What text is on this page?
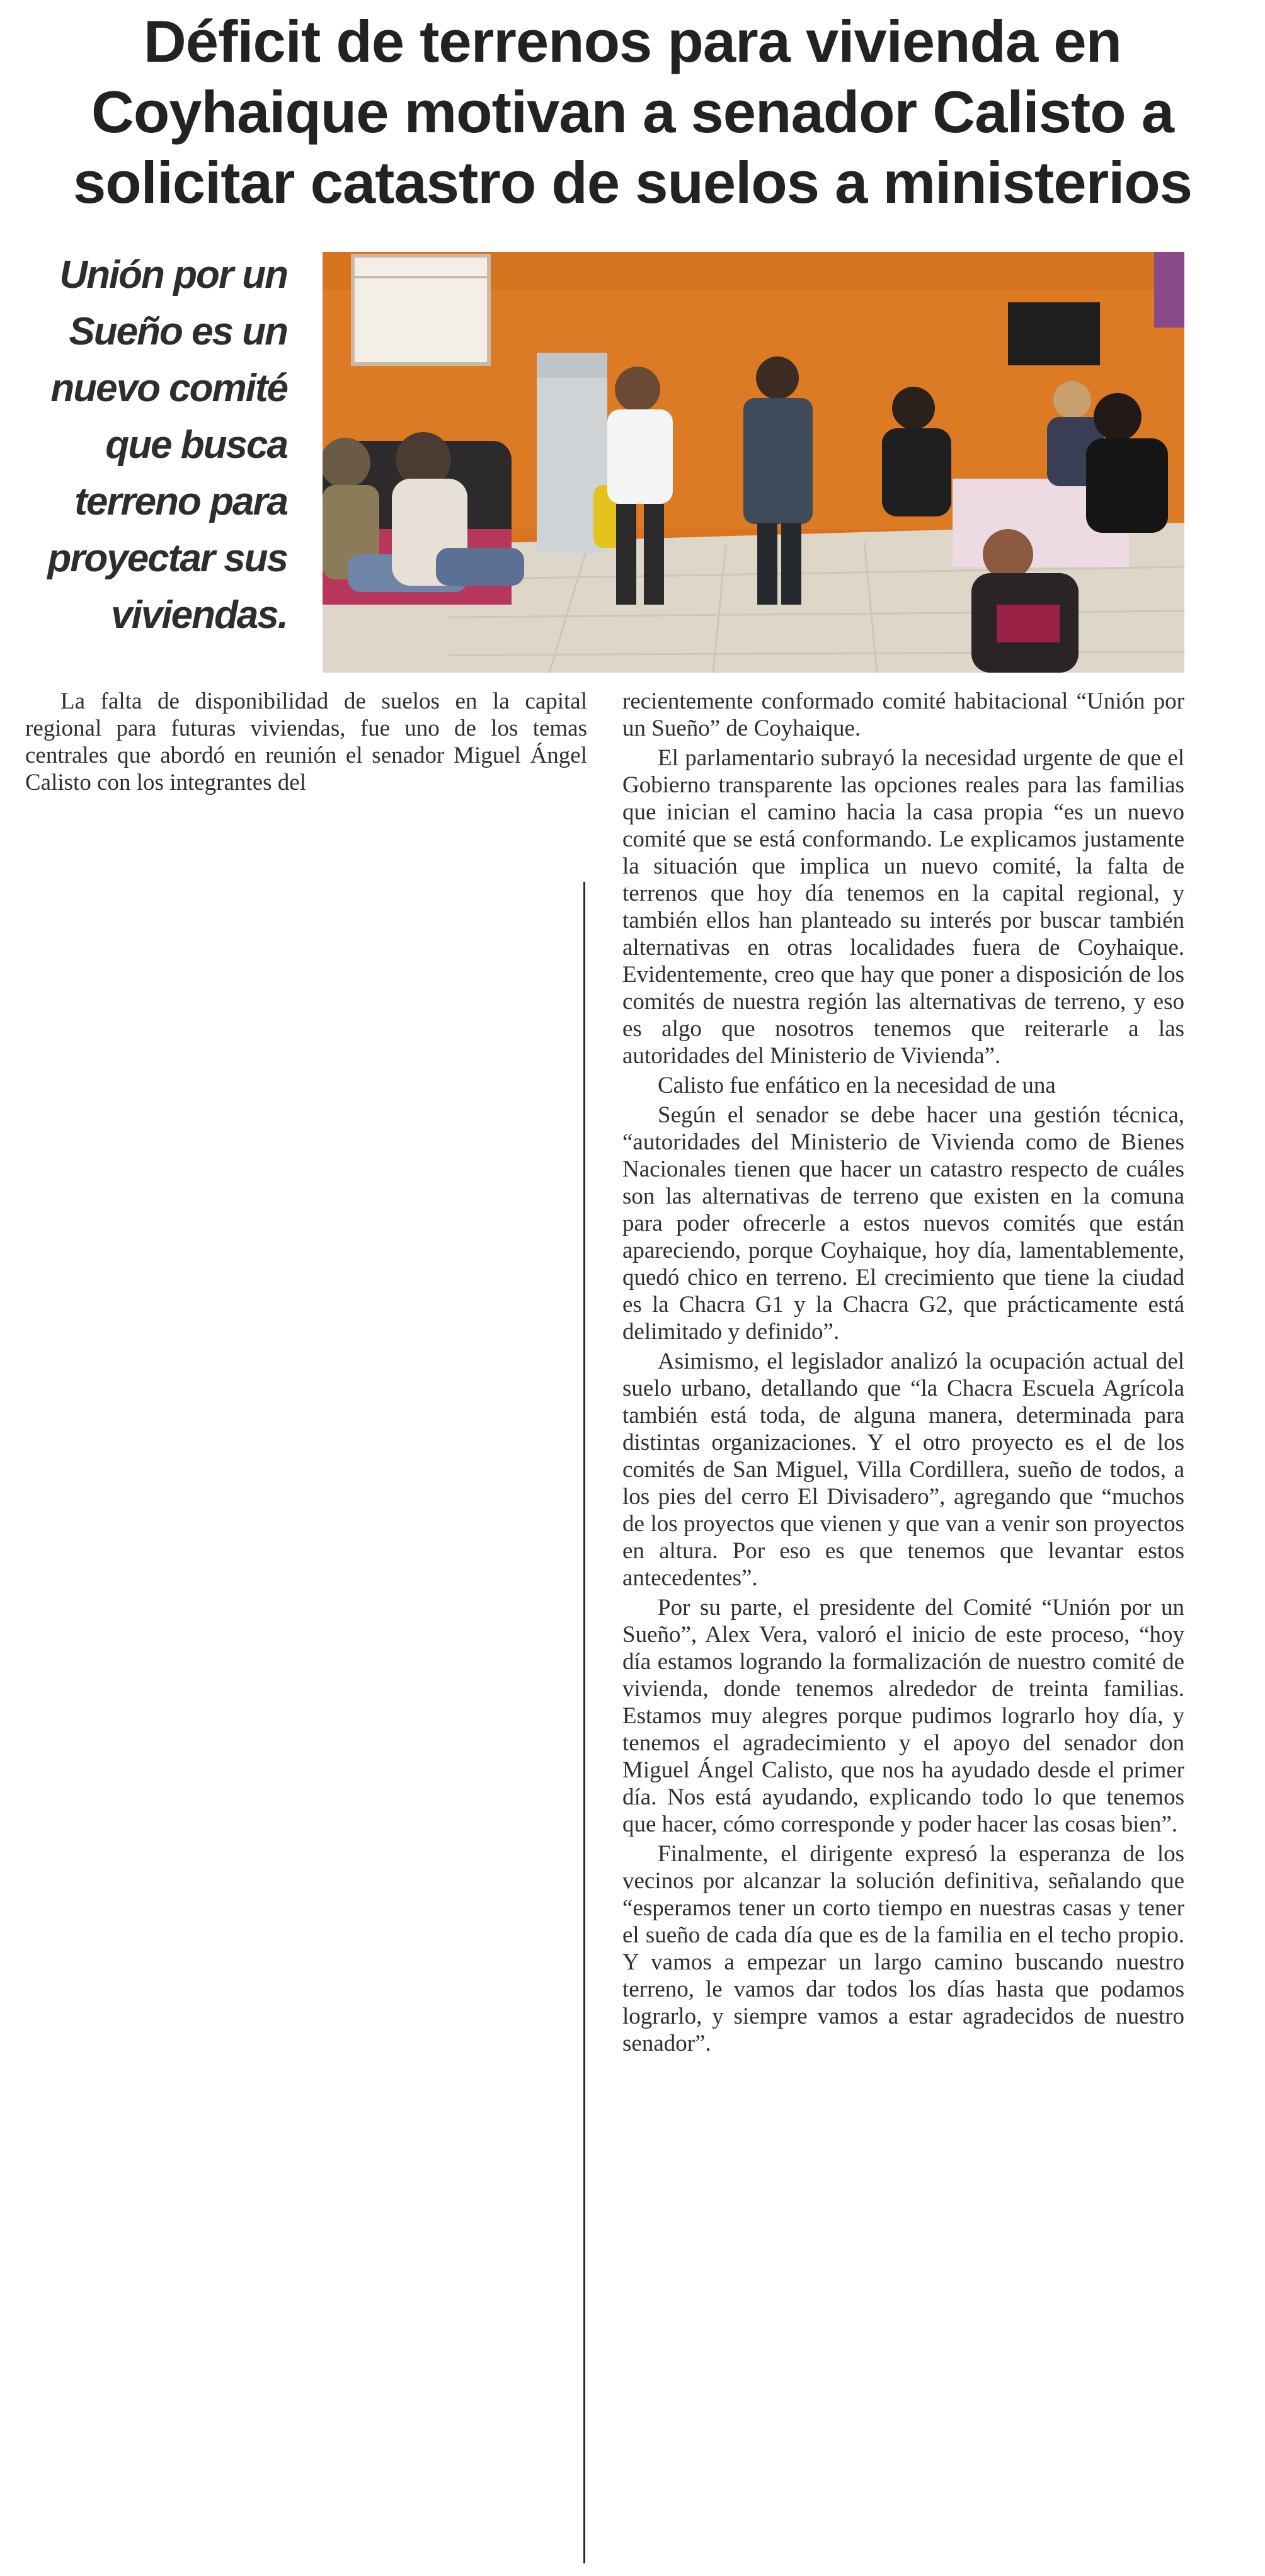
Déficit de terrenos para vivienda en Coyhaique motivan a senador Calisto a solicitar catastro de suelos a ministerios

Unión por un Sueño es un nuevo comité que busca terreno para proyectar sus viviendas.

La falta de disponibilidad de suelos en la capital regional para futuras viviendas, fue uno de los temas centrales que abordó en reunión el senador Miguel Ángel Calisto con los integrantes del

recientemente conformado comité habitacional “Unión por un Sueño” de Coyhaique.

El parlamentario subrayó la necesidad urgente de que el Gobierno transparente las opciones reales para las familias que inician el camino hacia la casa propia “es un nuevo comité que se está conformando. Le explicamos justamente la situación que implica un nuevo comité, la falta de terrenos que hoy día tenemos en la capital regional, y también ellos han planteado su interés por buscar también alternativas en otras localidades fuera de Coyhaique. Evidentemente, creo que hay que poner a disposición de los comités de nuestra región las alternativas de terreno, y eso es algo que nosotros tenemos que reiterarle a las autoridades del Ministerio de Vivienda”.

Calisto fue enfático en la necesidad de una

Según el senador se debe hacer una gestión técnica, “autoridades del Ministerio de Vivienda como de Bienes Nacionales tienen que hacer un catastro respecto de cuáles son las alternativas de terreno que existen en la comuna para poder ofrecerle a estos nuevos comités que están apareciendo, porque Coyhaique, hoy día, lamentablemente, quedó chico en terreno. El crecimiento que tiene la ciudad es la Chacra G1 y la Chacra G2, que prácticamente está delimitado y definido”.

Asimismo, el legislador analizó la ocupación actual del suelo urbano, detallando que “la Chacra Escuela Agrícola también está toda, de alguna manera, determinada para distintas organizaciones. Y el otro proyecto es el de los comités de San Miguel, Villa Cordillera, sueño de todos, a los pies del cerro El Divisadero”, agregando que “muchos de los proyectos que vienen y que van a venir son proyectos en altura. Por eso es que tenemos que levantar estos antecedentes”.

Por su parte, el presidente del Comité “Unión por un Sueño”, Alex Vera, valoró el inicio de este proceso, “hoy día estamos logrando la formalización de nuestro comité de vivienda, donde tenemos alrededor de treinta familias. Estamos muy alegres porque pudimos lograrlo hoy día, y tenemos el agradecimiento y el apoyo del senador don Miguel Ángel Calisto, que nos ha ayudado desde el primer día. Nos está ayudando, explicando todo lo que tenemos que hacer, cómo corresponde y poder hacer las cosas bien”.

Finalmente, el dirigente expresó la esperanza de los vecinos por alcanzar la solución definitiva, señalando que “esperamos tener un corto tiempo en nuestras casas y tener el sueño de cada día que es de la familia en el techo propio. Y vamos a empezar un largo camino buscando nuestro terreno, le vamos dar todos los días hasta que podamos lograrlo, y siempre vamos a estar agradecidos de nuestro senador”.
